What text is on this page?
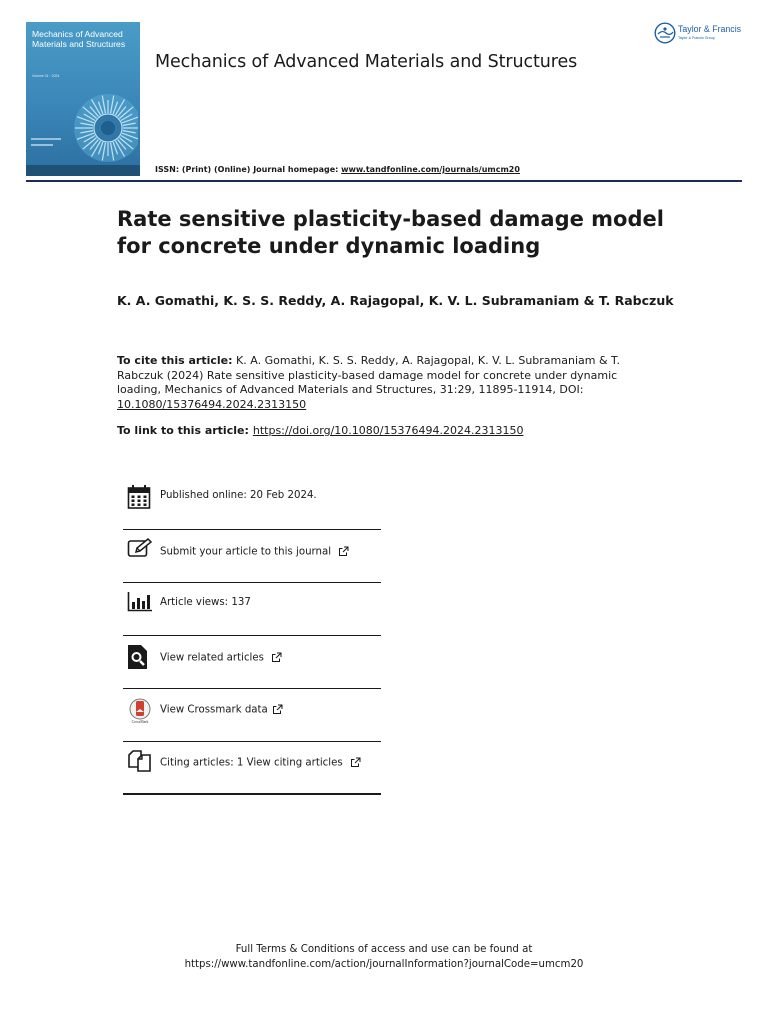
Mechanics of Advanced Materials and Structures
Volume 31 · 2024
Mechanics of Advanced Materials and Structures
Taylor & Francis
Taylor & Francis Group
ISSN: (Print) (Online) Journal homepage: www.tandfonline.com/journals/umcm20
Rate sensitive plasticity-based damage model for concrete under dynamic loading
K. A. Gomathi, K. S. S. Reddy, A. Rajagopal, K. V. L. Subramaniam & T. Rabczuk
To cite this article: K. A. Gomathi, K. S. S. Reddy, A. Rajagopal, K. V. L. Subramaniam & T. Rabczuk (2024) Rate sensitive plasticity-based damage model for concrete under dynamic loading, Mechanics of Advanced Materials and Structures, 31:29, 11895-11914, DOI: 10.1080/15376494.2024.2313150
To link to this article: https://doi.org/10.1080/15376494.2024.2313150
Published online: 20 Feb 2024.
Submit your article to this journal
Article views: 137
View related articles
CrossMark
View Crossmark data
Citing articles: 1 View citing articles
Full Terms & Conditions of access and use can be found at
https://www.tandfonline.com/action/journalInformation?journalCode=umcm20
